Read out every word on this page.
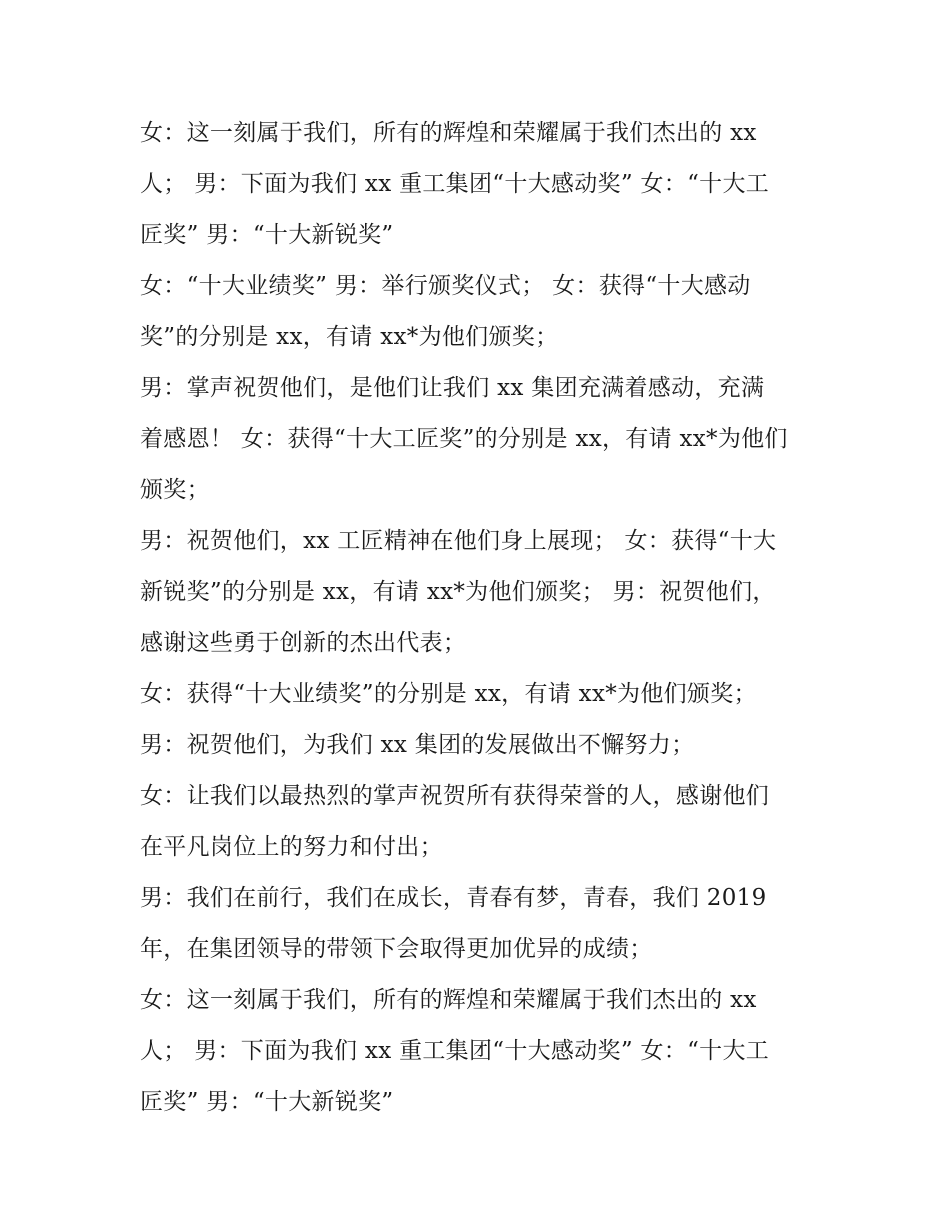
女：这一刻属于我们，所有的辉煌和荣耀属于我们杰出的 xx
人； 男：下面为我们 xx 重工集团“十大感动奖” 女：“十大工
匠奖” 男：“十大新锐奖”
女：“十大业绩奖” 男：举行颁奖仪式； 女：获得“十大感动
奖”的分别是 xx，有请 xx*为他们颁奖；
男：掌声祝贺他们，是他们让我们 xx 集团充满着感动，充满
着感恩！ 女：获得“十大工匠奖”的分别是 xx，有请 xx*为他们
颁奖；
男：祝贺他们，xx 工匠精神在他们身上展现； 女：获得“十大
新锐奖”的分别是 xx，有请 xx*为他们颁奖； 男：祝贺他们，
感谢这些勇于创新的杰出代表；
女：获得“十大业绩奖”的分别是 xx，有请 xx*为他们颁奖；
男：祝贺他们，为我们 xx 集团的发展做出不懈努力；
女：让我们以最热烈的掌声祝贺所有获得荣誉的人，感谢他们
在平凡岗位上的努力和付出；
男：我们在前行，我们在成长，青春有梦，青春，我们 2019
年，在集团领导的带领下会取得更加优异的成绩；
女：这一刻属于我们，所有的辉煌和荣耀属于我们杰出的 xx
人； 男：下面为我们 xx 重工集团“十大感动奖” 女：“十大工
匠奖” 男：“十大新锐奖”
